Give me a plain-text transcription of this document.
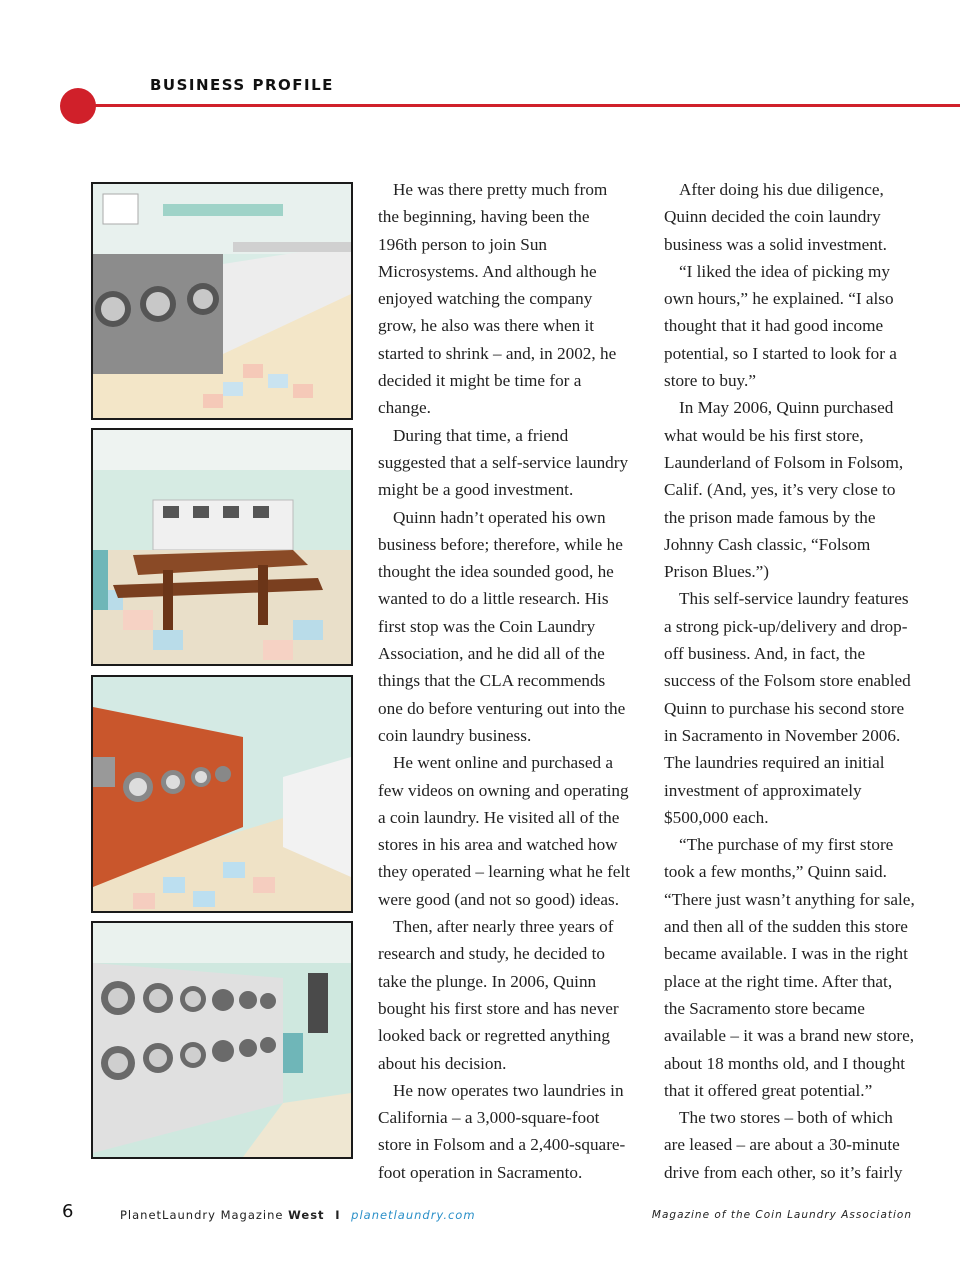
BUSINESS PROFILE

He was there pretty much from the beginning, having been the 196th person to join Sun Microsystems. And although he enjoyed watching the company grow, he also was there when it started to shrink – and, in 2002, he decided it might be time for a change.

During that time, a friend suggested that a self-service laundry might be a good investment.

Quinn hadn’t operated his own business before; therefore, while he thought the idea sounded good, he wanted to do a little research. His first stop was the Coin Laundry Association, and he did all of the things that the CLA recommends one do before venturing out into the coin laundry business.

He went online and purchased a few videos on owning and operating a coin laundry. He visited all of the stores in his area and watched how they operated – learning what he felt were good (and not so good) ideas.

Then, after nearly three years of research and study, he decided to take the plunge. In 2006, Quinn bought his first store and has never looked back or regretted anything about his decision.

He now operates two laundries in California – a 3,000-square-foot store in Folsom and a 2,400-square-foot operation in Sacramento.

After doing his due diligence, Quinn decided the coin laundry business was a solid investment.

“I liked the idea of picking my own hours,” he explained. “I also thought that it had good income potential, so I started to look for a store to buy.”

In May 2006, Quinn purchased what would be his first store, Launderland of Folsom in Folsom, Calif. (And, yes, it’s very close to the prison made famous by the Johnny Cash classic, “Folsom Prison Blues.”)

This self-service laundry features a strong pick-up/delivery and drop-off business. And, in fact, the success of the Folsom store enabled Quinn to purchase his second store in Sacramento in November 2006. The laundries required an initial investment of approximately $500,000 each.

“The purchase of my first store took a few months,” Quinn said. “There just wasn’t anything for sale, and then all of the sudden this store became available. I was in the right place at the right time. After that, the Sacramento store became available – it was a brand new store, about 18 months old, and I thought that it offered great potential.”

The two stores – both of which are leased – are about a 30-minute drive from each other, so it’s fairly

6	PlanetLaundry Magazine West I planetlaundry.com	Magazine of the Coin Laundry Association
